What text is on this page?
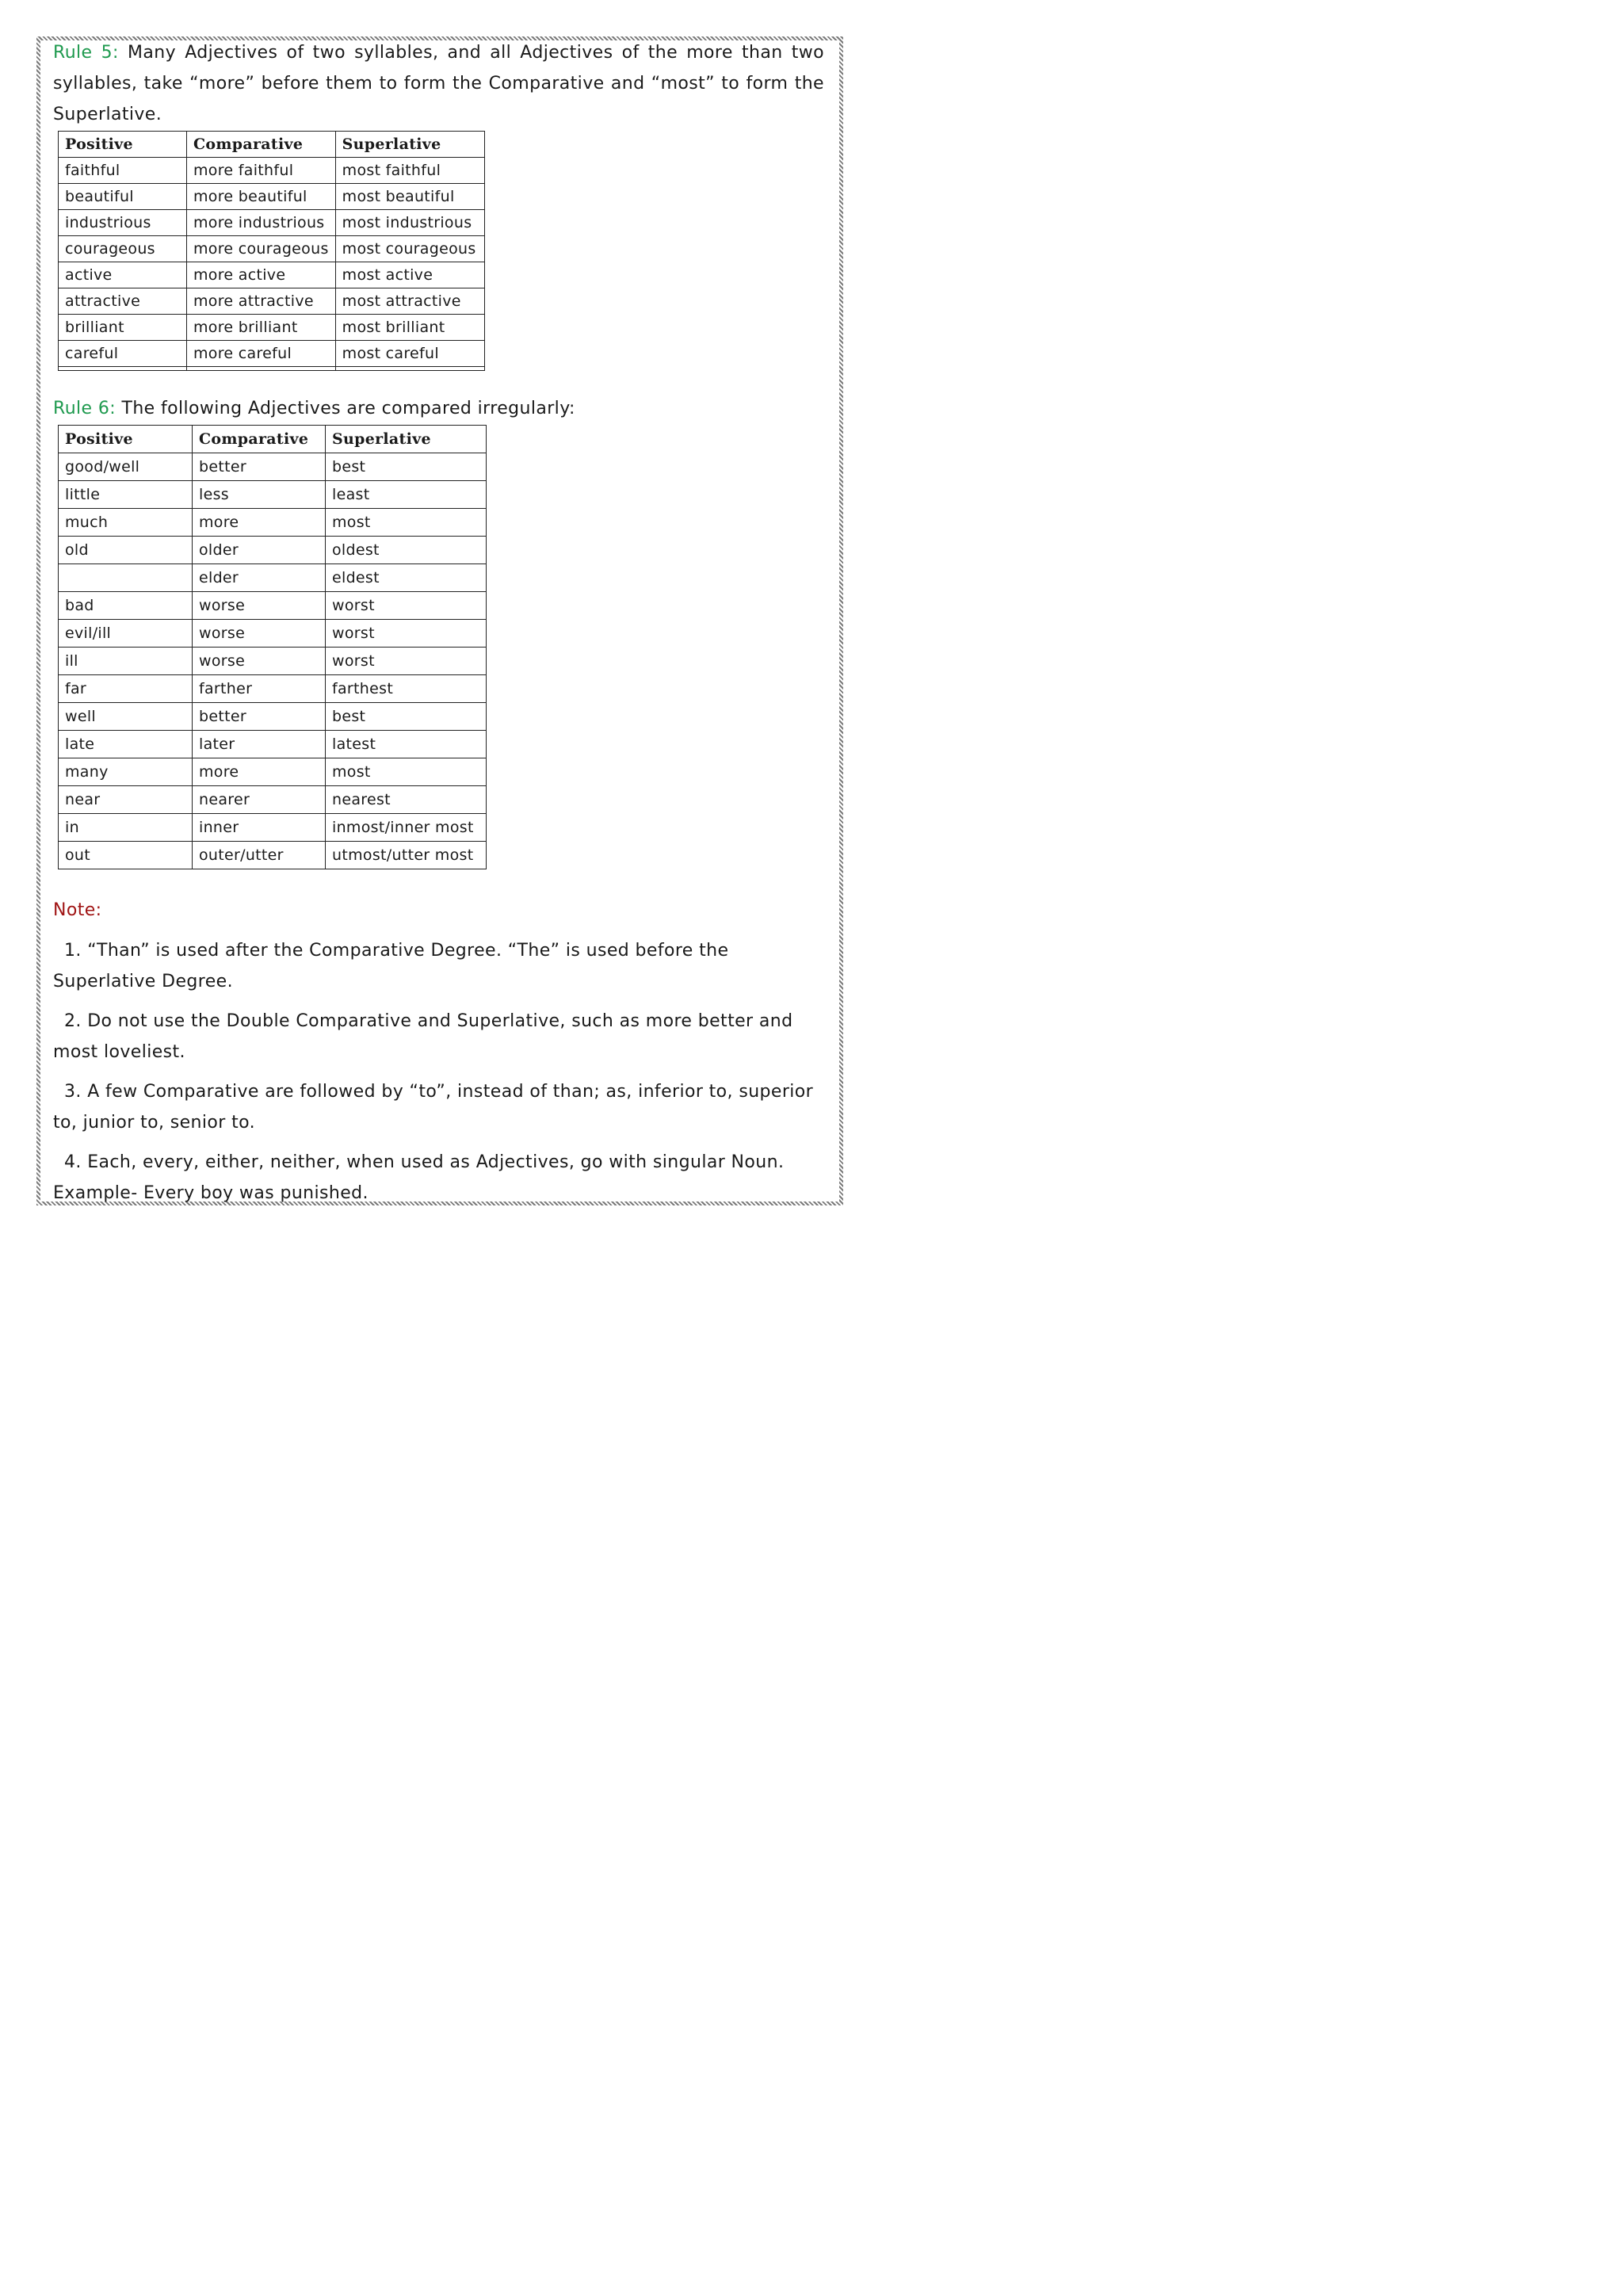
Rule 5: Many Adjectives of two syllables, and all Adjectives of the more than two syllables, take “more” before them to form the Comparative and “most” to form the Superlative.

Positive	Comparative	Superlative
faithful	more faithful	most faithful
beautiful	more beautiful	most beautiful
industrious	more industrious	most industrious
courageous	more courageous	most courageous
active	more active	most active
attractive	more attractive	most attractive
brilliant	more brilliant	most brilliant
careful	more careful	most careful

Rule 6: The following Adjectives are compared irregularly:

Positive	Comparative	Superlative
good/well	better	best
little	less	least
much	more	most
old	older	oldest
	elder	eldest
bad	worse	worst
evil/ill	worse	worst
ill	worse	worst
far	farther	farthest
well	better	best
late	later	latest
many	more	most
near	nearer	nearest
in	inner	inmost/inner most
out	outer/utter	utmost/utter most
Note:

1. “Than” is used after the Comparative Degree. “The” is used before the Superlative Degree.

2. Do not use the Double Comparative and Superlative, such as more better and most loveliest.

3. A few Comparative are followed by “to”, instead of than; as, inferior to, superior to, junior to, senior to.

4. Each, every, either, neither, when used as Adjectives, go with singular Noun. Example- Every boy was punished.
